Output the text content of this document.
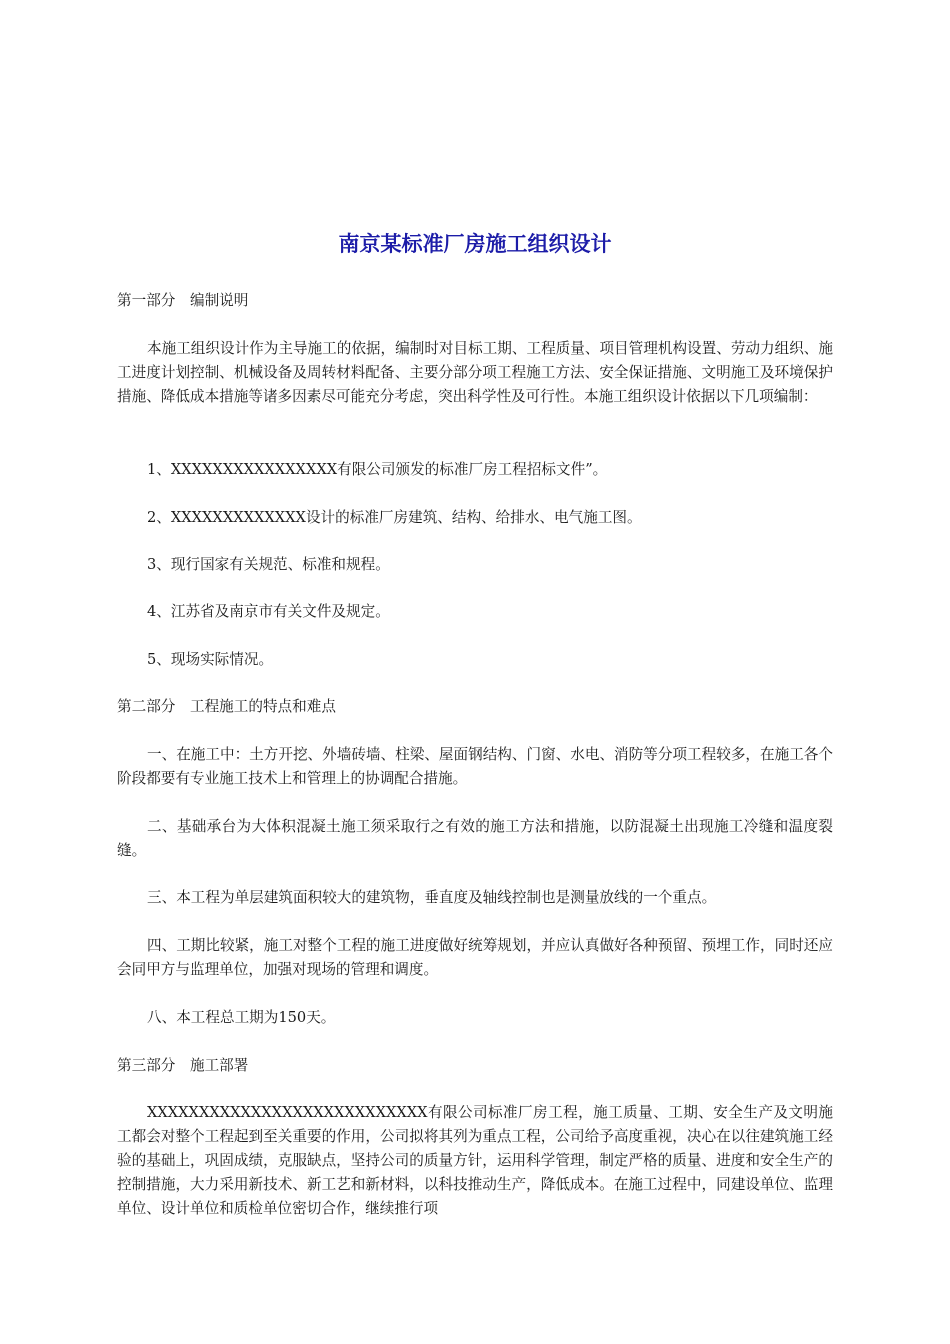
南京某标准厂房施工组织设计

第一部分　编制说明

本施工组织设计作为主导施工的依据，编制时对目标工期、工程质量、项目管理机构设置、劳动力组织、施工进度计划控制、机械设备及周转材料配备、主要分部分项工程施工方法、安全保证措施、文明施工及环境保护措施、降低成本措施等诸多因素尽可能充分考虑，突出科学性及可行性。本施工组织设计依据以下几项编制：

1、XXXXXXXXXXXXXXXX有限公司颁发的标准厂房工程招标文件”。

2、XXXXXXXXXXXXX设计的标准厂房建筑、结构、给排水、电气施工图。

3、现行国家有关规范、标准和规程。

4、江苏省及南京市有关文件及规定。

5、现场实际情况。

第二部分　工程施工的特点和难点

一、在施工中：土方开挖、外墙砖墙、柱梁、屋面钢结构、门窗、水电、消防等分项工程较多，在施工各个阶段都要有专业施工技术上和管理上的协调配合措施。

二、基础承台为大体积混凝土施工须采取行之有效的施工方法和措施，以防混凝土出现施工冷缝和温度裂缝。

三、本工程为单层建筑面积较大的建筑物，垂直度及轴线控制也是测量放线的一个重点。

四、工期比较紧，施工对整个工程的施工进度做好统筹规划，并应认真做好各种预留、预埋工作，同时还应会同甲方与监理单位，加强对现场的管理和调度。

八、本工程总工期为150天。

第三部分　施工部署

XXXXXXXXXXXXXXXXXXXXXXXXXXX有限公司标准厂房工程，施工质量、工期、安全生产及文明施工都会对整个工程起到至关重要的作用，公司拟将其列为重点工程，公司给予高度重视，决心在以往建筑施工经验的基础上，巩固成绩，克服缺点，坚持公司的质量方针，运用科学管理，制定严格的质量、进度和安全生产的控制措施，大力采用新技术、新工艺和新材料，以科技推动生产，降低成本。在施工过程中，同建设单位、监理单位、设计单位和质检单位密切合作，继续推行项
